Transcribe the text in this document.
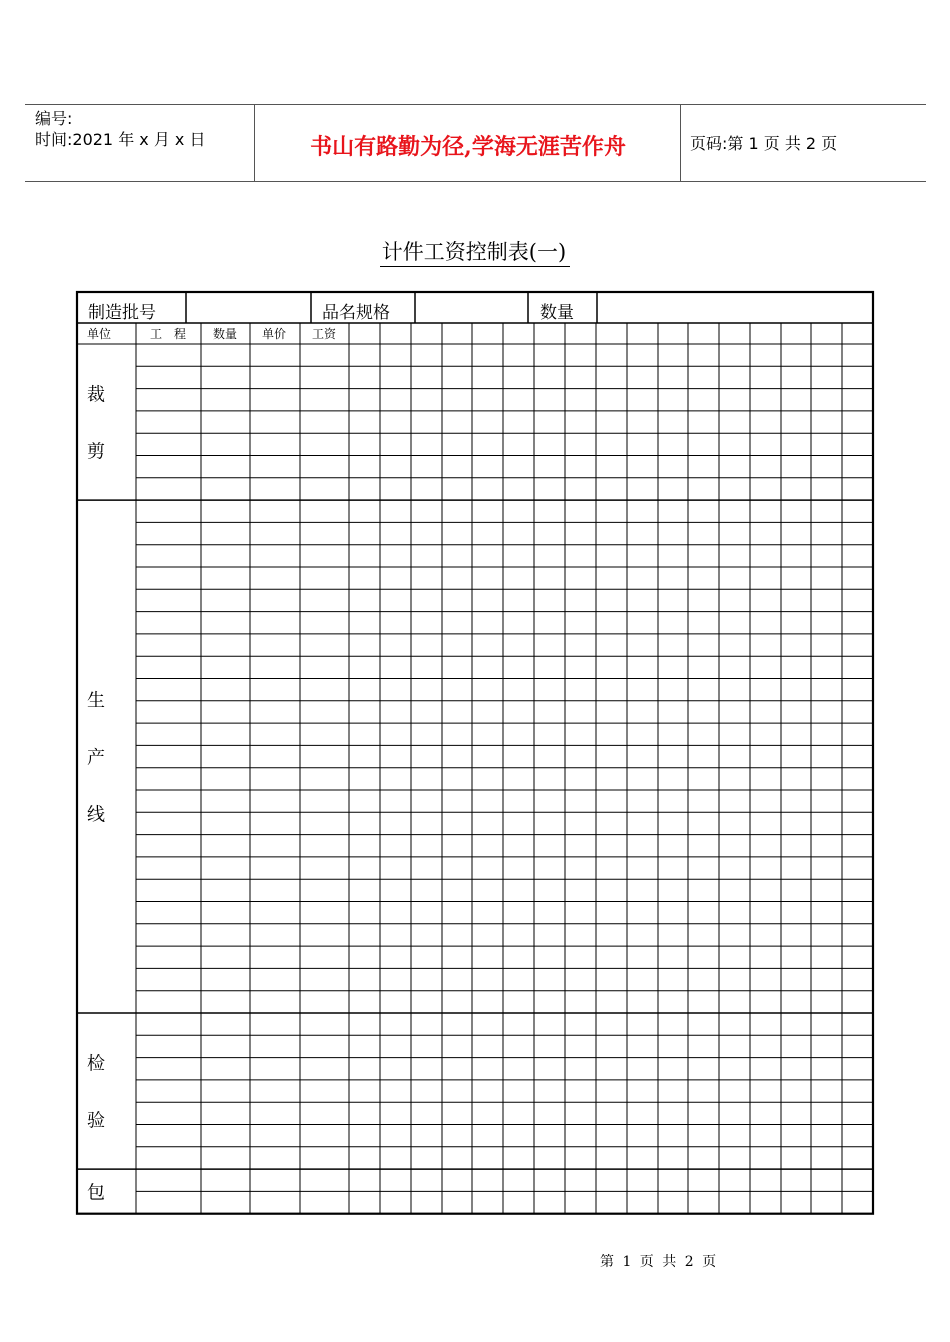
编号:
时间:2021 年 x 月 x 日	书山有路勤为径,学海无涯苦作舟	页码:第 1 页 共 2 页
计件工资控制表(一)
制造批号	品名规格	数量
单位	工　程 数量 单价 工资
裁
剪
生
产
线
检
验
包
第 1 页 共 2 页
